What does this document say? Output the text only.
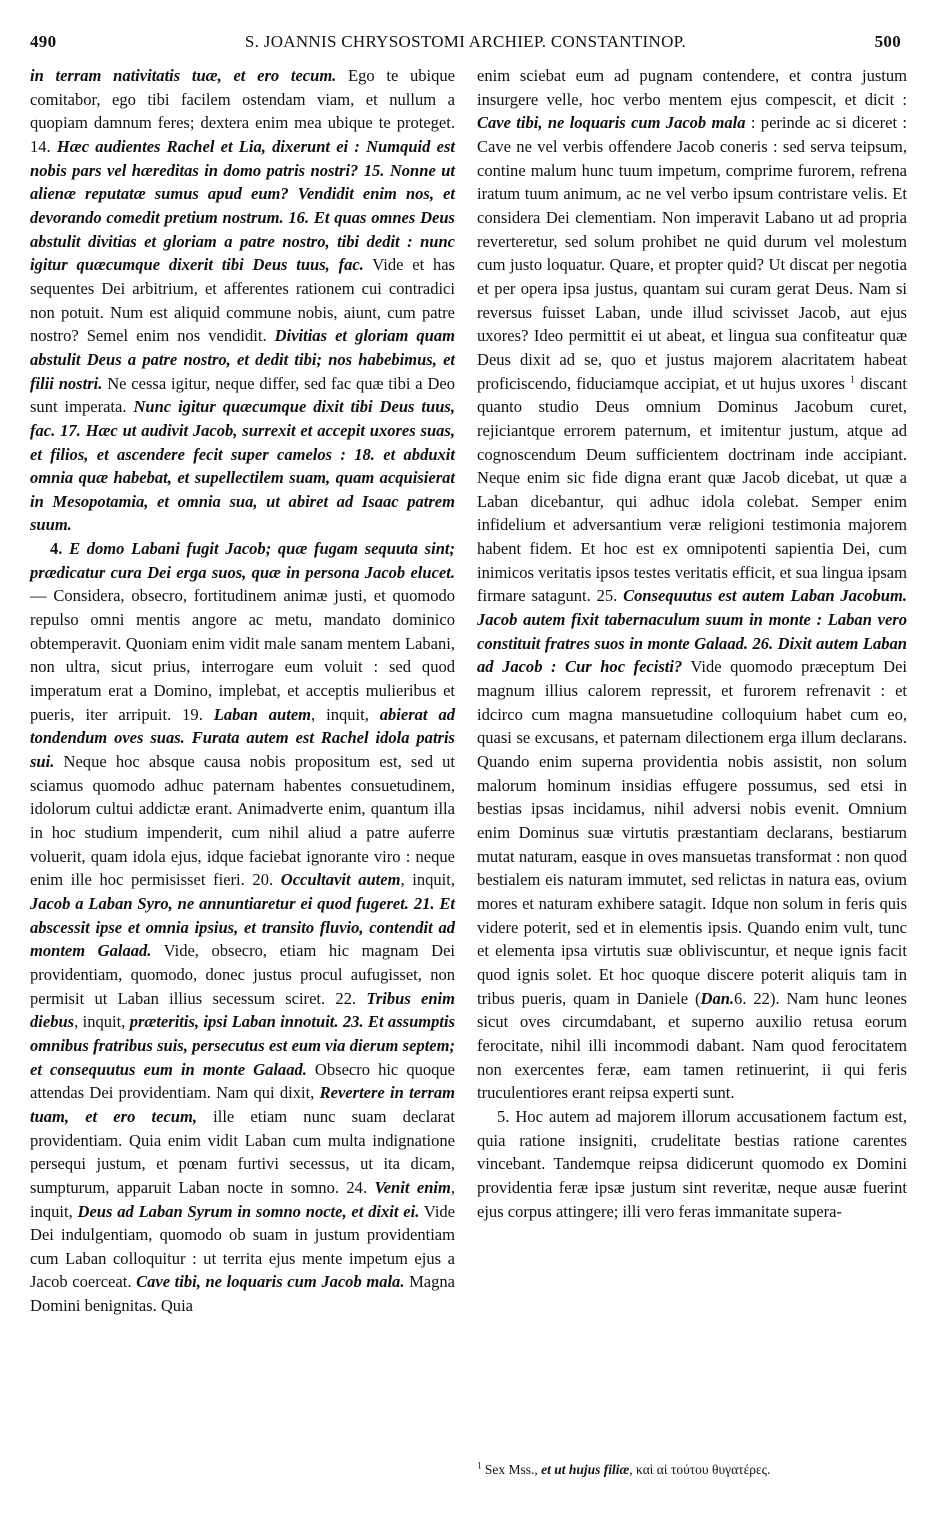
490	S. JOANNIS CHRYSOSTOMI ARCHIEP. CONSTANTINOP.	500

in terram nativitatis tuæ, et ero tecum. Ego te ubique comitabor, ego tibi facilem ostendam viam, et nullum a quopiam damnum feres; dextera enim mea ubique te proteget. 14. Hæc audientes Rachel et Lia, dixerunt ei : Numquid est nobis pars vel hæreditas in domo patris nostri? 15. Nonne ut alienæ reputatæ sumus apud eum? Vendidit enim nos, et devorando comedit pretium nostrum. 16. Et quas omnes Deus abstulit divitias et gloriam a patre nostro, tibi dedit : nunc igitur quæcumque dixerit tibi Deus tuus, fac. Vide et has sequentes Dei arbitrium, et afferentes rationem cui contradici non potuit. Num est aliquid commune nobis, aiunt, cum patre nostro? Semel enim nos vendidit. Divitias et gloriam quam abstulit Deus a patre nostro, et dedit tibi; nos habebimus, et filii nostri. Ne cessa igitur, neque differ, sed fac quæ tibi a Deo sunt imperata. Nunc igitur quæcumque dixit tibi Deus tuus, fac. 17. Hæc ut audivit Jacob, surrexit et accepit uxores suas, et filios, et ascendere fecit super camelos : 18. et abduxit omnia quæ habebat, et supellectilem suam, quam acquisierat in Mesopotamia, et omnia sua, ut abiret ad Isaac patrem suum.

4. E domo Labani fugit Jacob; quæ fugam sequuta sint; prædicatur cura Dei erga suos, quæ in persona Jacob elucet. — Considera, obsecro, fortitudinem animæ justi, et quomodo repulso omni mentis angore ac metu, mandato dominico obtemperavit. Quoniam enim vidit male sanam mentem Labani, non ultra, sicut prius, interrogare eum voluit : sed quod imperatum erat a Domino, implebat, et acceptis mulieribus et pueris, iter arripuit. 19. Laban autem, inquit, abierat ad tondendum oves suas. Furata autem est Rachel idola patris sui. Neque hoc absque causa nobis propositum est, sed ut sciamus quomodo adhuc paternam habentes consuetudinem, idolorum cultui addictæ erant. Animadverte enim, quantum illa in hoc studium impenderit, cum nihil aliud a patre auferre voluerit, quam idola ejus, idque faciebat ignorante viro : neque enim ille hoc permisisset fieri. 20. Occultavit autem, inquit, Jacob a Laban Syro, ne annuntiaretur ei quod fugeret. 21. Et abscessit ipse et omnia ipsius, et transito fluvio, contendit ad montem Galaad. Vide, obsecro, etiam hic magnam Dei providentiam, quomodo, donec justus procul aufugisset, non permisit ut Laban illius secessum sciret. 22. Tribus enim diebus, inquit, præteritis, ipsi Laban innotuit. 23. Et assumptis omnibus fratribus suis, persecutus est eum via dierum septem; et consequutus eum in monte Galaad. Obsecro hic quoque attendas Dei providentiam. Nam qui dixit, Revertere in terram tuam, et ero tecum, ille etiam nunc suam declarat providentiam. Quia enim vidit Laban cum multa indignatione persequi justum, et pœnam furtivi secessus, ut ita dicam, sumpturum, apparuit Laban nocte in somno. 24. Venit enim, inquit, Deus ad Laban Syrum in somno nocte, et dixit ei. Vide Dei indulgentiam, quomodo ob suam in justum providentiam cum Laban colloquitur : ut territa ejus mente impetum ejus a Jacob coerceat. Cave tibi, ne loquaris cum Jacob mala. Magna Domini benignitas. Quia

enim sciebat eum ad pugnam contendere, et contra justum insurgere velle, hoc verbo mentem ejus compescit, et dicit : Cave tibi, ne loquaris cum Jacob mala : perinde ac si diceret : Cave ne vel verbis offendere Jacob coneris : sed serva teipsum, contine malum hunc tuum impetum, comprime furorem, refrena iratum tuum animum, ac ne vel verbo ipsum contristare velis. Et considera Dei clementiam. Non imperavit Labano ut ad propria reverteretur, sed solum prohibet ne quid durum vel molestum cum justo loquatur. Quare, et propter quid? Ut discat per negotia et per opera ipsa justus, quantam sui curam gerat Deus. Nam si reversus fuisset Laban, unde illud scivisset Jacob, aut ejus uxores? Ideo permittit ei ut abeat, et lingua sua confiteatur quæ Deus dixit ad se, quo et justus majorem alacritatem habeat proficiscendo, fiduciamque accipiat, et ut hujus uxores $^1$ discant quanto studio Deus omnium Dominus Jacobum curet, rejiciantque errorem paternum, et imitentur justum, atque ad cognoscendum Deum sufficientem doctrinam inde accipiant. Neque enim sic fide digna erant quæ Jacob dicebat, ut quæ a Laban dicebantur, qui adhuc idola colebat. Semper enim infidelium et adversantium veræ religioni testimonia majorem habent fidem. Et hoc est ex omnipotenti sapientia Dei, cum inimicos veritatis ipsos testes veritatis efficit, et sua lingua ipsam firmare satagunt. 25. Consequutus est autem Laban Jacobum. Jacob autem fixit tabernaculum suum in monte : Laban vero constituit fratres suos in monte Galaad. 26. Dixit autem Laban ad Jacob : Cur hoc fecisti? Vide quomodo præceptum Dei magnum illius calorem repressit, et furorem refrenavit : et idcirco cum magna mansuetudine colloquium habet cum eo, quasi se excusans, et paternam dilectionem erga illum declarans. Quando enim superna providentia nobis assistit, non solum malorum hominum insidias effugere possumus, sed etsi in bestias ipsas incidamus, nihil adversi nobis evenit. Omnium enim Dominus suæ virtutis præstantiam declarans, bestiarum mutat naturam, easque in oves mansuetas transformat : non quod bestialem eis naturam immutet, sed relictas in natura eas, ovium mores et naturam exhibere satagit. Idque non solum in feris quis videre poterit, sed et in elementis ipsis. Quando enim vult, tunc et elementa ipsa virtutis suæ obliviscuntur, et neque ignis facit quod ignis solet. Et hoc quoque discere poterit aliquis tam in tribus pueris, quam in Daniele (Dan.6. 22). Nam hunc leones sicut oves circumdabant, et superno auxilio retusa eorum ferocitate, nihil illi incommodi dabant. Nam quod ferocitatem non exercentes feræ, eam tamen retinuerint, ii qui feris truculentiores erant reipsa experti sunt.

5. Hoc autem ad majorem illorum accusationem factum est, quia ratione insigniti, crudelitate bestias ratione carentes vincebant. Tandemque reipsa didicerunt quomodo ex Domini providentia feræ ipsæ justum sint reveritæ, neque ausæ fuerint ejus corpus attingere; illi vero feras immanitate supera-

$^1$ Sex Mss., et ut hujus filiæ, καὶ αἱ τούτου θυγατέρες.
